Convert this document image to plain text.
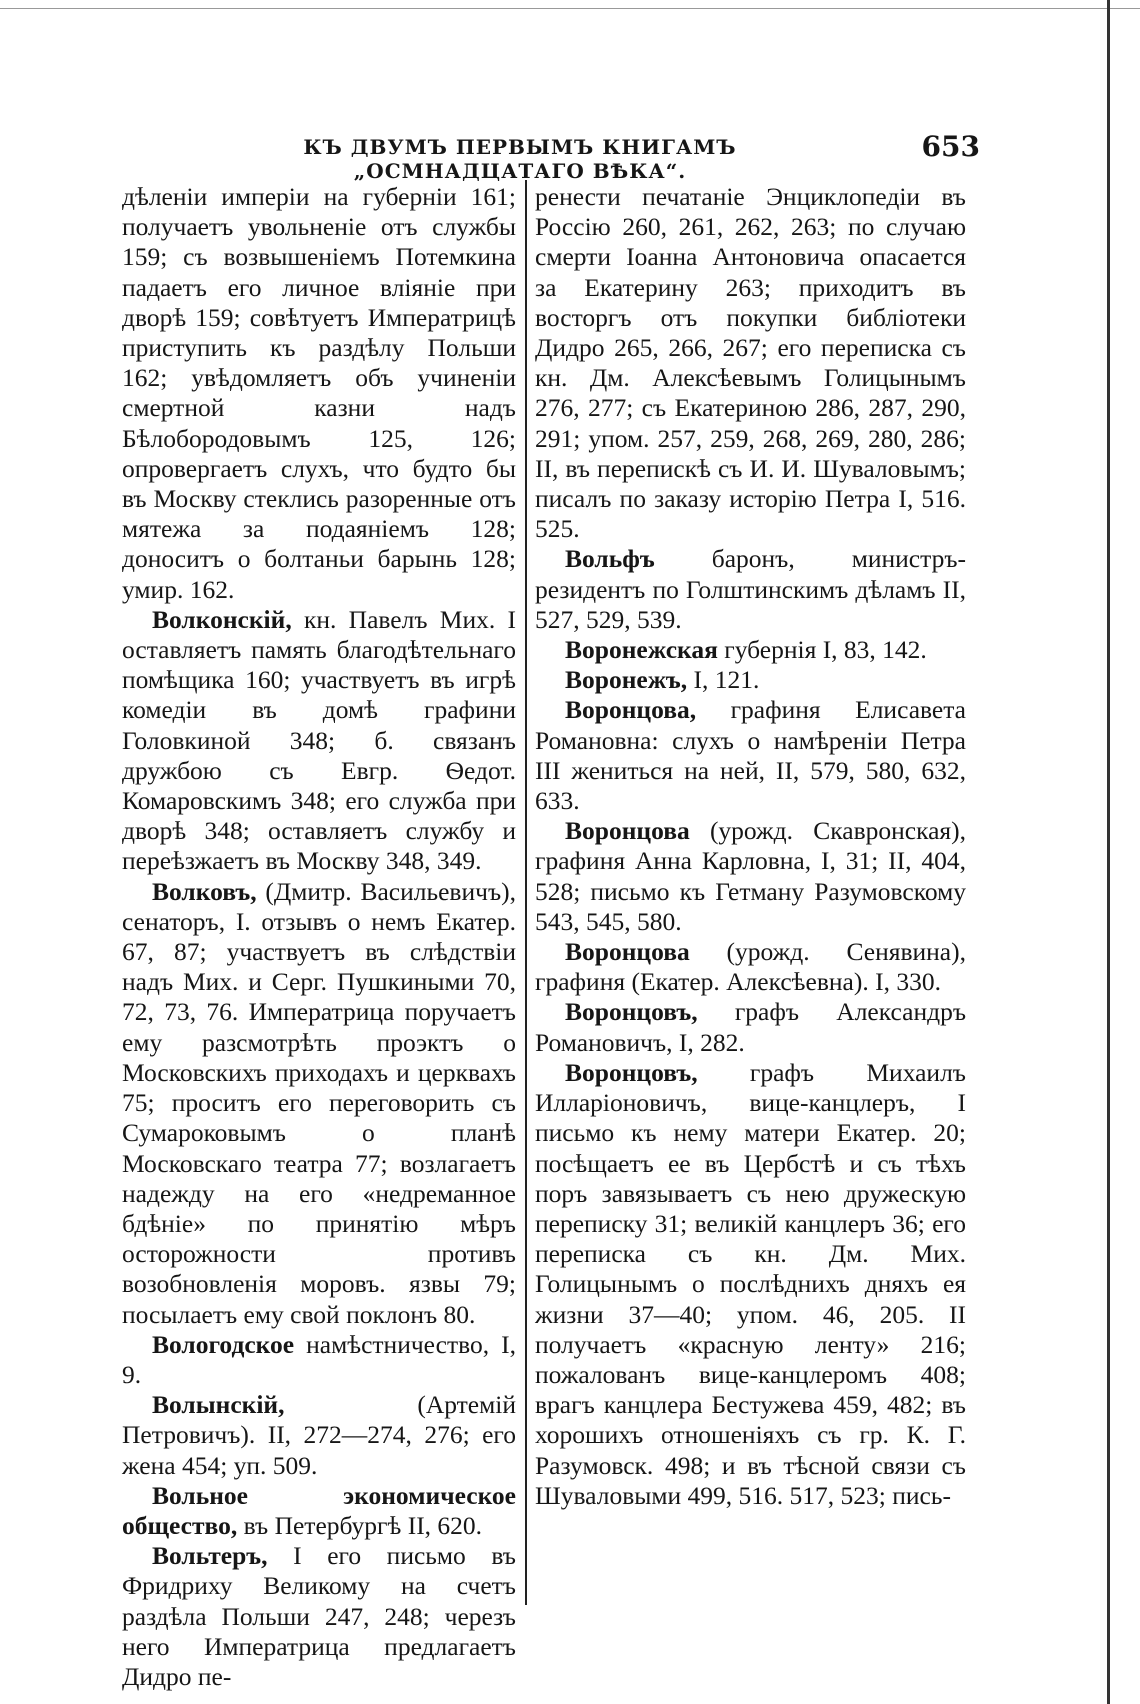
КЪ ДВУМЪ ПЕРВЫМЪ КНИГАМЪ „ОСМНАДЦАТАГО ВѢКА“.
653

дѣленіи имперіи на губерніи 161; получаетъ увольненіе отъ службы 159; съ возвышеніемъ Потемкина падаетъ его личное вліяніе при дворѣ 159; совѣтуетъ Императрицѣ приступить къ раздѣлу Польши 162; увѣдомляетъ объ учиненіи смертной казни надъ Бѣлобородовымъ 125, 126; опровергаетъ слухъ, что будто бы въ Москву стеклись разоренные отъ мятежа за подаяніемъ 128; доноситъ о болтаньи барынь 128; умир. 162.

Волконскій, кн. Павелъ Мих. I оставляетъ память благодѣтельнаго помѣщика 160; участвуетъ въ игрѣ комедіи въ домѣ графини Головкиной 348; б. связанъ дружбою съ Евгр. Ѳедот. Комаровскимъ 348; его служба при дворѣ 348; оставляетъ службу и переѣзжаетъ въ Москву 348, 349.

Волковъ, (Дмитр. Васильевичъ), сенаторъ, I. отзывъ о немъ Екатер. 67, 87; участвуетъ въ слѣдствіи надъ Мих. и Серг. Пушкиными 70, 72, 73, 76. Императрица поручаетъ ему разсмотрѣть проэктъ о Московскихъ приходахъ и церквахъ 75; проситъ его переговорить съ Сумароковымъ о планѣ Московскаго театра 77; возлагаетъ надежду на его «недреманное бдѣніе» по принятію мѣръ осторожности противъ возобновленія моровъ. язвы 79; посылаетъ ему свой поклонъ 80.

Вологодское намѣстничество, I, 9.

Волынскій, (Артемій Петровичъ). II, 272—274, 276; его жена 454; уп. 509.

Вольное экономическое общество, въ Петербургѣ II, 620.

Вольтеръ, I его письмо въ Фридриху Великому на счетъ раздѣла Польши 247, 248; черезъ него Императрица предлагаетъ Дидро пе-

ренести печатаніе Энциклопедіи въ Россію 260, 261, 262, 263; по случаю смерти Іоанна Антоновича опасается за Екатерину 263; приходитъ въ восторгъ отъ покупки библіотеки Дидро 265, 266, 267; его переписка съ кн. Дм. Алексѣевымъ Голицынымъ 276, 277; съ Екатериною 286, 287, 290, 291; упом. 257, 259, 268, 269, 280, 286; II, въ перепискѣ съ И. И. Шуваловымъ; писалъ по заказу исторію Петра I, 516. 525.

Вольфъ баронъ, министръ-резидентъ по Голштинскимъ дѣламъ II, 527, 529, 539.

Воронежская губернія I, 83, 142.

Воронежъ, I, 121.

Воронцова, графиня Елисавета Романовна: слухъ о намѣреніи Петра III жениться на ней, II, 579, 580, 632, 633.

Воронцова (урожд. Скавронская), графиня Анна Карловна, I, 31; II, 404, 528; письмо къ Гетману Разумовскому 543, 545, 580.

Воронцова (урожд. Сенявина), графиня (Екатер. Алексѣевна). I, 330.

Воронцовъ, графъ Александръ Романовичъ, I, 282.

Воронцовъ, графъ Михаилъ Илларіоновичъ, вице-канцлеръ, I письмо къ нему матери Екатер. 20; посѣщаетъ ее въ Цербстѣ и съ тѣхъ поръ завязываетъ съ нею дружескую переписку 31; великій канцлеръ 36; его переписка съ кн. Дм. Мих. Голицынымъ о послѣднихъ дняхъ ея жизни 37—40; упом. 46, 205. II получаетъ «красную ленту» 216; пожалованъ вице-канцлеромъ 408; врагъ канцлера Бестужева 459, 482; въ хорошихъ отношеніяхъ съ гр. К. Г. Разумовск. 498; и въ тѣсной связи съ Шуваловыми 499, 516. 517, 523; пись-
